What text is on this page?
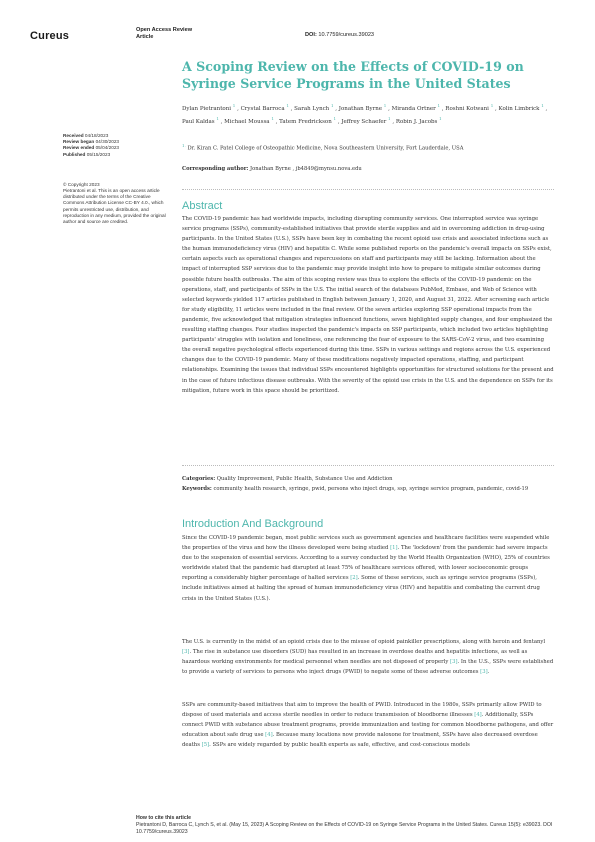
Cureus	Open Access Review
Article	DOI: 10.7759/cureus.39023
A Scoping Review on the Effects of COVID-19 on Syringe Service Programs in the United States
Received 04/18/2023
Review began 04/30/2023
Review ended 05/04/2023
Published 05/15/2023
© Copyright 2023
Pietrantoni et al. This is an open access article distributed under the terms of the Creative Commons Attribution License CC-BY 4.0., which permits unrestricted use, distribution, and reproduction in any medium, provided the original author and source are credited.
Dylan Pietrantoni $^1$ , Crystal Barroca $^1$ , Sarah Lynch $^1$ , Jonathan Byrne $^1$ , Miranda Ortner $^1$ , Roshni Kotwani $^1$ , Kolin Limbrick $^1$ , Paul Kaldas $^1$ , Michael Moussa $^1$ , Tatem Fredrickson $^1$ , Jeffrey Schaefer $^1$ , Robin J. Jacobs $^1$
$^{1.}$ Dr. Kiran C. Patel College of Osteopathic Medicine, Nova Southeastern University, Fort Lauderdale, USA
Corresponding author: Jonathan Byrne , jb4849@mynsu.nova.edu
Abstract
The COVID-19 pandemic has had worldwide impacts, including disrupting community services. One interrupted service was syringe service programs (SSPs), community-established initiatives that provide sterile supplies and aid in overcoming addiction in drug-using participants. In the United States (U.S.), SSPs have been key in combating the recent opioid use crisis and associated infections such as the human immunodeficiency virus (HIV) and hepatitis C. While some published reports on the pandemic's overall impacts on SSPs exist, certain aspects such as operational changes and repercussions on staff and participants may still be lacking. Information about the impact of interrupted SSP services due to the pandemic may provide insight into how to prepare to mitigate similar outcomes during possible future health outbreaks. The aim of this scoping review was thus to explore the effects of the COVID-19 pandemic on the operations, staff, and participants of SSPs in the U.S. The initial search of the databases PubMed, Embase, and Web of Science with selected keywords yielded 117 articles published in English between January 1, 2020, and August 31, 2022. After screening each article for study eligibility, 11 articles were included in the final review. Of the seven articles exploring SSP operational impacts from the pandemic, five acknowledged that mitigation strategies influenced functions, seven highlighted supply changes, and four emphasized the resulting staffing changes. Four studies inspected the pandemic's impacts on SSP participants, which included two articles highlighting participants' struggles with isolation and loneliness, one referencing the fear of exposure to the SARS-CoV-2 virus, and two examining the overall negative psychological effects experienced during this time. SSPs in various settings and regions across the U.S. experienced changes due to the COVID-19 pandemic. Many of these modifications negatively impacted operations, staffing, and participant relationships. Examining the issues that individual SSPs encountered highlights opportunities for structured solutions for the present and in the case of future infectious disease outbreaks. With the severity of the opioid use crisis in the U.S. and the dependence on SSPs for its mitigation, future work in this space should be prioritized.
Categories: Quality Improvement, Public Health, Substance Use and Addiction
Keywords: community health research, syringe, pwid, persons who inject drugs, ssp, syringe service program, pandemic, covid-19
Introduction And Background
Since the COVID-19 pandemic began, most public services such as government agencies and healthcare facilities were suspended while the properties of the virus and how the illness developed were being studied [1]. The 'lockdown' from the pandemic had severe impacts due to the suspension of essential services. According to a survey conducted by the World Health Organization (WHO), 25% of countries worldwide stated that the pandemic had disrupted at least 75% of healthcare services offered, with lower socioeconomic groups reporting a considerably higher percentage of halted services [2]. Some of these services, such as syringe service programs (SSPs), include initiatives aimed at halting the spread of human immunodeficiency virus (HIV) and hepatitis and combating the current drug crisis in the United States (U.S.).
The U.S. is currently in the midst of an opioid crisis due to the misuse of opioid painkiller prescriptions, along with heroin and fentanyl [3]. The rise in substance use disorders (SUD) has resulted in an increase in overdose deaths and hepatitis infections, as well as hazardous working environments for medical personnel when needles are not disposed of properly [3]. In the U.S., SSPs were established to provide a variety of services to persons who inject drugs (PWID) to negate some of these adverse outcomes [3].
SSPs are community-based initiatives that aim to improve the health of PWID. Introduced in the 1980s, SSPs primarily allow PWID to dispose of used materials and access sterile needles in order to reduce transmission of bloodborne illnesses [4]. Additionally, SSPs connect PWID with substance abuse treatment programs, provide immunization and testing for common bloodborne pathogens, and offer education about safe drug use [4]. Because many locations now provide naloxone for treatment, SSPs have also decreased overdose deaths [5]. SSPs are widely regarded by public health experts as safe, effective, and cost-conscious models
How to cite this article
Pietrantoni D, Barroca C, Lynch S, et al. (May 15, 2023) A Scoping Review on the Effects of COVID-19 on Syringe Service Programs in the United States. Cureus 15(5): e39023. DOI 10.7759/cureus.39023
